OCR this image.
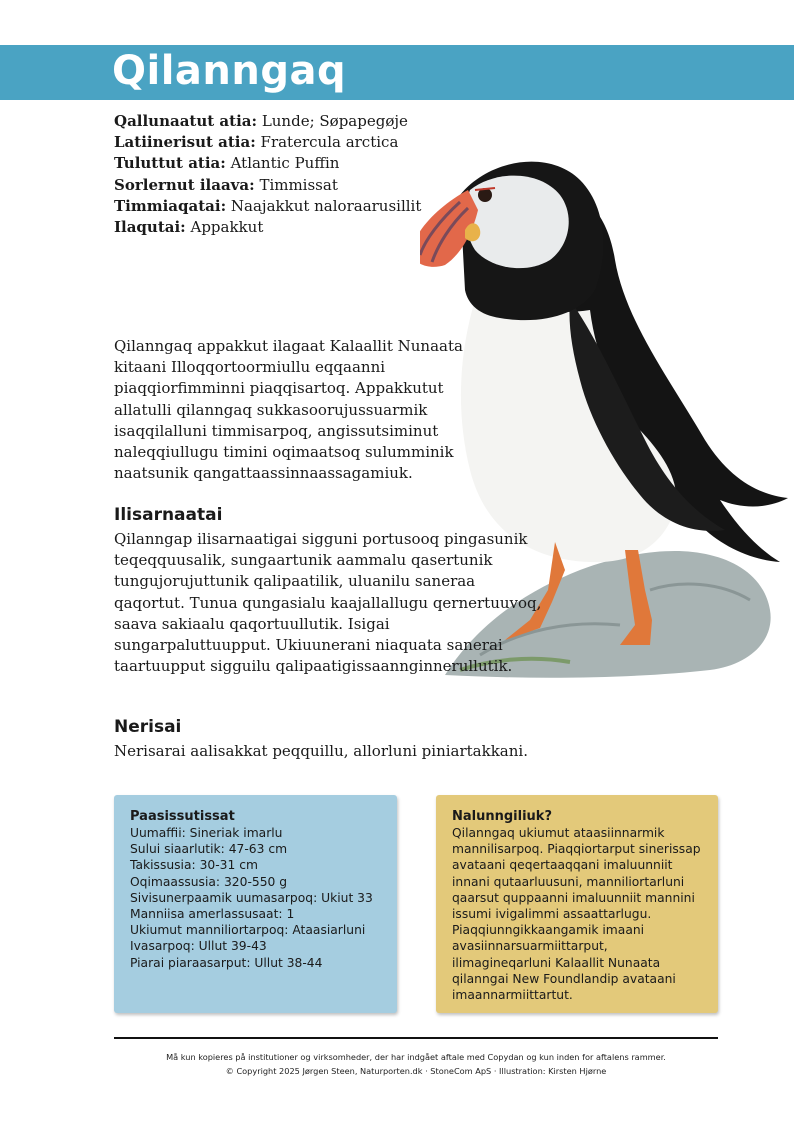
Qilanngaq
Qallunaatut atia: Lunde; Søpapegøje
Latiinerisut atia: Fratercula arctica
Tuluttut atia: Atlantic Puffin
Sorlernut ilaava: Timmissat
Timmiaqatai: Naajakkut naloraarusillit
Ilaqutai: Appakkut

Qilanngaq appakkut ilagaat Kalaallit Nunaata kitaani Illoqqortoormiullu eqqaanni piaqqiorfimminni piaqqisartoq. Appakkutut allatulli qilanngaq sukkasoorujussuarmik isaqqilalluni timmisarpoq, angissutsiminut naleqqiullugu timini oqimaatsoq sulumminik naatsunik qangattaassinnaassagamiuk.

Ilisarnaatai

Qilanngap ilisarnaatigai sigguni portusooq pingasunik teqeqquusalik, sungaartunik aammalu qasertunik tungujorujuttunik qalipaatilik, uluanilu saneraa qaqortut. Tunua qungasialu kaajallallugu qernertuuvoq, saava sakiaalu qaqortuullutik. Isigai sungarpaluttuupput. Ukiuunerani niaquata sanerai taartuupput sigguilu qalipaatigissaannginnerullutik.

Nerisai

Nerisarai aalisakkat peqquillu, allorluni piniartakkani.

Paasissutissat
Uumaffii: Sineriak imarlu
Sului siaarlutik: 47-63 cm
Takissusia: 30-31 cm
Oqimaassusia: 320-550 g
Sivisunerpaamik uumasarpoq: Ukiut 33
Manniisa amerlassusaat: 1
Ukiumut manniliortarpoq: Ataasiarluni
Ivasarpoq: Ullut 39-43
Piarai piaraasarput: Ullut 38-44
Nalunngiliuk?

Qilanngaq ukiumut ataasiinnarmik mannilisarpoq. Piaqqiortarput sinerissap avataani qeqertaaqqani imaluunniit innani qutaarluusuni, manniliortarluni qaarsut quppaanni imaluunniit mannini issumi ivigalimmi assaattarlugu. Piaqqiunngikkaangamik imaani avasiinnarsuarmiittarput, ilimagineqarluni Kalaallit Nunaata qilanngai New Foundlandip avataani imaannarmiittartut.

Må kun kopieres på institutioner og virksomheder, der har indgået aftale med Copydan og kun inden for aftalens rammer.

© Copyright 2025 Jørgen Steen, Naturporten.dk · StoneCom ApS · Illustration: Kirsten Hjørne
